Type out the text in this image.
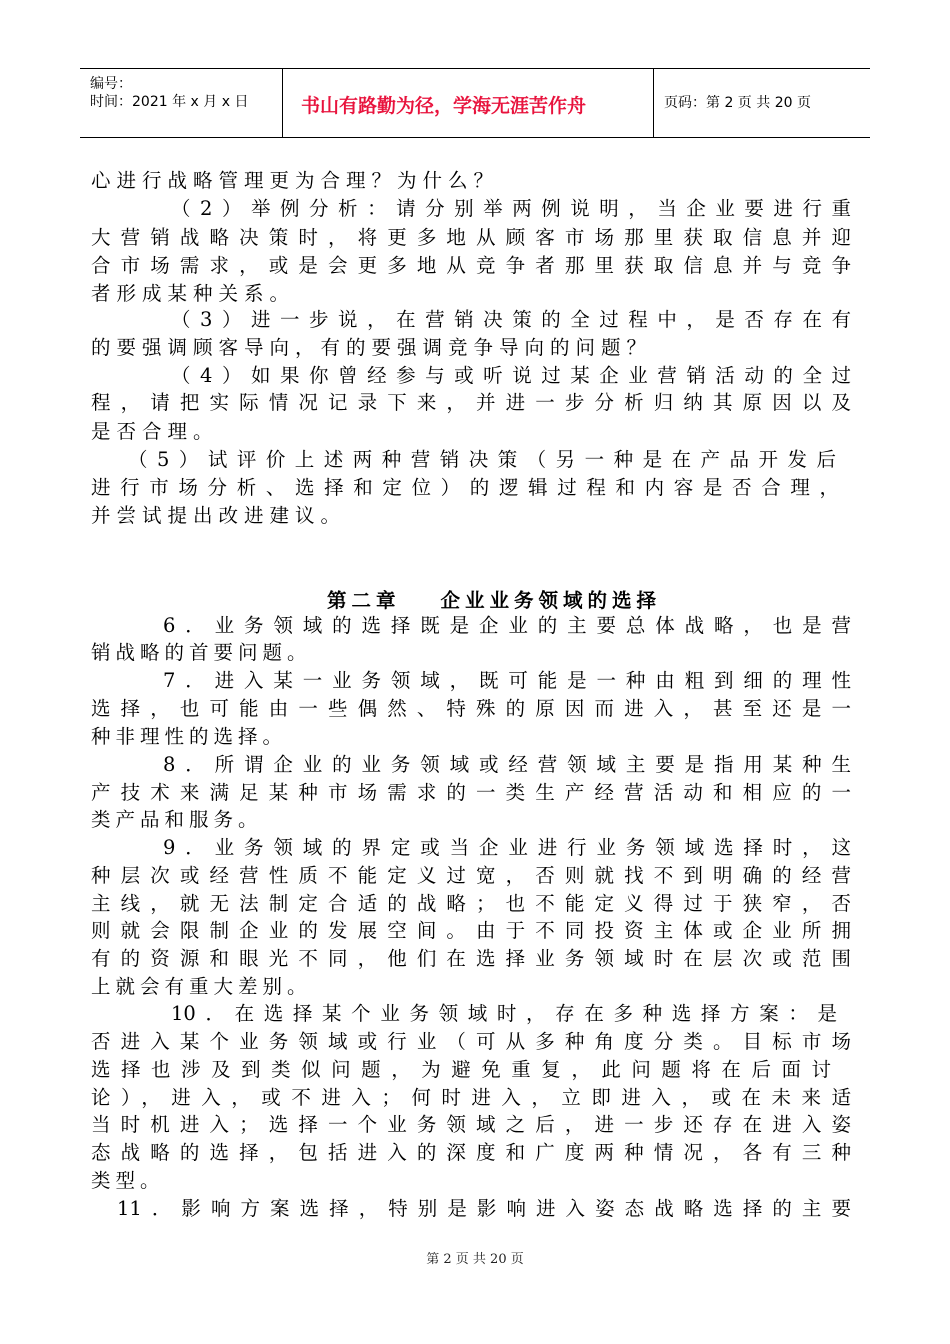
编号：
时间：2021 年 x 月 x 日	书山有路勤为径，学海无涯苦作舟	页码：第 2 页 共 20 页
心进行战略管理更为合理？为什么？
（2）举例分析：请分别举两例说明，当企业要进行重
大营销战略决策时，将更多地从顾客市场那里获取信息并迎
合市场需求，或是会更多地从竞争者那里获取信息并与竞争
者形成某种关系。
（3）进一步说，在营销决策的全过程中，是否存在有
的要强调顾客导向，有的要强调竞争导向的问题？
（4）如果你曾经参与或听说过某企业营销活动的全过
程，请把实际情况记录下来，并进一步分析归纳其原因以及
是否合理。
（5）试评价上述两种营销决策（另一种是在产品开发后
进行市场分析、选择和定位）的逻辑过程和内容是否合理，
并尝试提出改进建议。
第二章 企业业务领域的选择
6．业务领域的选择既是企业的主要总体战略，也是营
销战略的首要问题。
7．进入某一业务领域，既可能是一种由粗到细的理性
选择，也可能由一些偶然、特殊的原因而进入，甚至还是一
种非理性的选择。
8．所谓企业的业务领域或经营领域主要是指用某种生
产技术来满足某种市场需求的一类生产经营活动和相应的一
类产品和服务。
9．业务领域的界定或当企业进行业务领域选择时，这
种层次或经营性质不能定义过宽，否则就找不到明确的经营
主线，就无法制定合适的战略；也不能定义得过于狭窄，否
则就会限制企业的发展空间。由于不同投资主体或企业所拥
有的资源和眼光不同，他们在选择业务领域时在层次或范围
上就会有重大差别。
10．在选择某个业务领域时，存在多种选择方案：是
否进入某个业务领域或行业（可从多种角度分类。目标市场
选择也涉及到类似问题，为避免重复，此问题将在后面讨
论），进入，或不进入；何时进入，立即进入，或在未来适
当时机进入；选择一个业务领域之后，进一步还存在进入姿
态战略的选择，包括进入的深度和广度两种情况，各有三种
类型。
11．影响方案选择，特别是影响进入姿态战略选择的主要
第 2 页 共 20 页
